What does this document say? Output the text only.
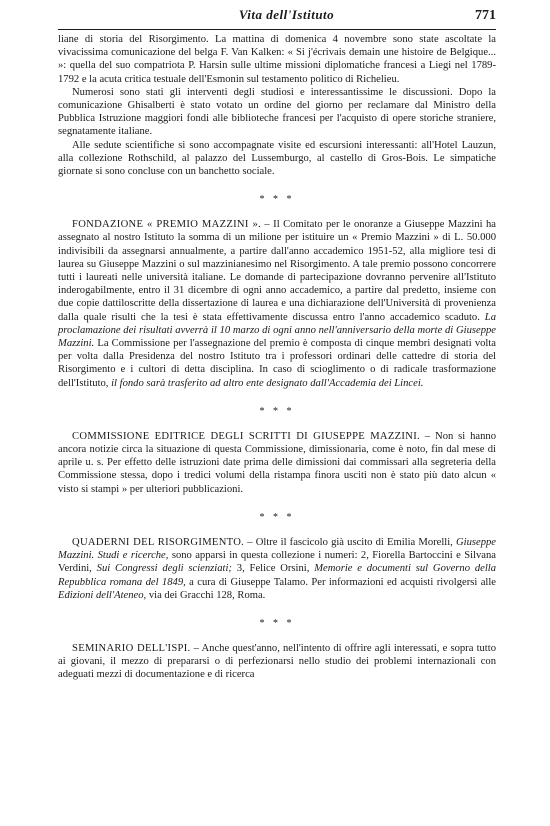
Vita dell'Istituto	771

liane di storia del Risorgimento. La mattina di domenica 4 novembre sono state ascoltate la vivacissima comunicazione del belga F. Van Kalken: « Si j'écrivais demain une histoire de Belgique... »: quella del suo compatriota P. Harsin sulle ultime missioni diplomatiche francesi a Liegi nel 1789-1792 e la acuta critica testuale dell'Esmonin sul testamento politico di Richelieu.

Numerosi sono stati gli interventi degli studiosi e interessantissime le discussioni. Dopo la comunicazione Ghisalberti è stato votato un ordine del giorno per reclamare dal Ministro della Pubblica Istruzione maggiori fondi alle biblioteche francesi per l'acquisto di opere storiche straniere, segnatamente italiane.

Alle sedute scientifiche si sono accompagnate visite ed escursioni interessanti: all'Hotel Lauzun, alla collezione Rothschild, al palazzo del Lussemburgo, al castello di Gros-Bois. Le simpatiche giornate si sono concluse con un banchetto sociale.

* * *

FONDAZIONE « PREMIO MAZZINI ». – Il Comitato per le onoranze a Giuseppe Mazzini ha assegnato al nostro Istituto la somma di un milione per istituire un « Premio Mazzini » di L. 50.000 indivisibili da assegnarsi annualmente, a partire dall'anno accademico 1951-52, alla migliore tesi di laurea su Giuseppe Mazzini o sul mazzinianesimo nel Risorgimento. A tale premio possono concorrere tutti i laureati nelle università italiane. Le domande di partecipazione dovranno pervenire all'Istituto inderogabilmente, entro il 31 dicembre di ogni anno accademico, a partire dal predetto, insieme con due copie dattiloscritte della dissertazione di laurea e una dichiarazione dell'Università di provenienza dalla quale risulti che la tesi è stata effettivamente discussa entro l'anno accademico scaduto. La proclamazione dei risultati avverrà il 10 marzo di ogni anno nell'anniversario della morte di Giuseppe Mazzini. La Commissione per l'assegnazione del premio è composta di cinque membri designati volta per volta dalla Presidenza del nostro Istituto tra i professori ordinari delle cattedre di storia del Risorgimento e i cultori di detta disciplina. In caso di scioglimento o di radicale trasformazione dell'Istituto, il fondo sarà trasferito ad altro ente designato dall'Accademia dei Lincei.

* * *

COMMISSIONE EDITRICE DEGLI SCRITTI DI GIUSEPPE MAZZINI. – Non si hanno ancora notizie circa la situazione di questa Commissione, dimissionaria, come è noto, fin dal mese di aprile u. s. Per effetto delle istruzioni date prima delle dimissioni dai commissari alla segreteria della Commissione stessa, dopo i tredici volumi della ristampa finora usciti non è stato più dato alcun « visto si stampi » per ulteriori pubblicazioni.

* * *

QUADERNI DEL RISORGIMENTO. – Oltre il fascicolo già uscito di Emilia Morelli, Giuseppe Mazzini. Studi e ricerche, sono apparsi in questa collezione i numeri: 2, Fiorella Bartoccini e Silvana Verdini, Sui Congressi degli scienziati; 3, Felice Orsini, Memorie e documenti sul Governo della Repubblica romana del 1849, a cura di Giuseppe Talamo. Per informazioni ed acquisti rivolgersi alle Edizioni dell'Ateneo, via dei Gracchi 128, Roma.

* * *

SEMINARIO DELL'ISPI. – Anche quest'anno, nell'intento di offrire agli interessati, e sopra tutto ai giovani, il mezzo di prepararsi o di perfezionarsi nello studio dei problemi internazionali con adeguati mezzi di documentazione e di ricerca
